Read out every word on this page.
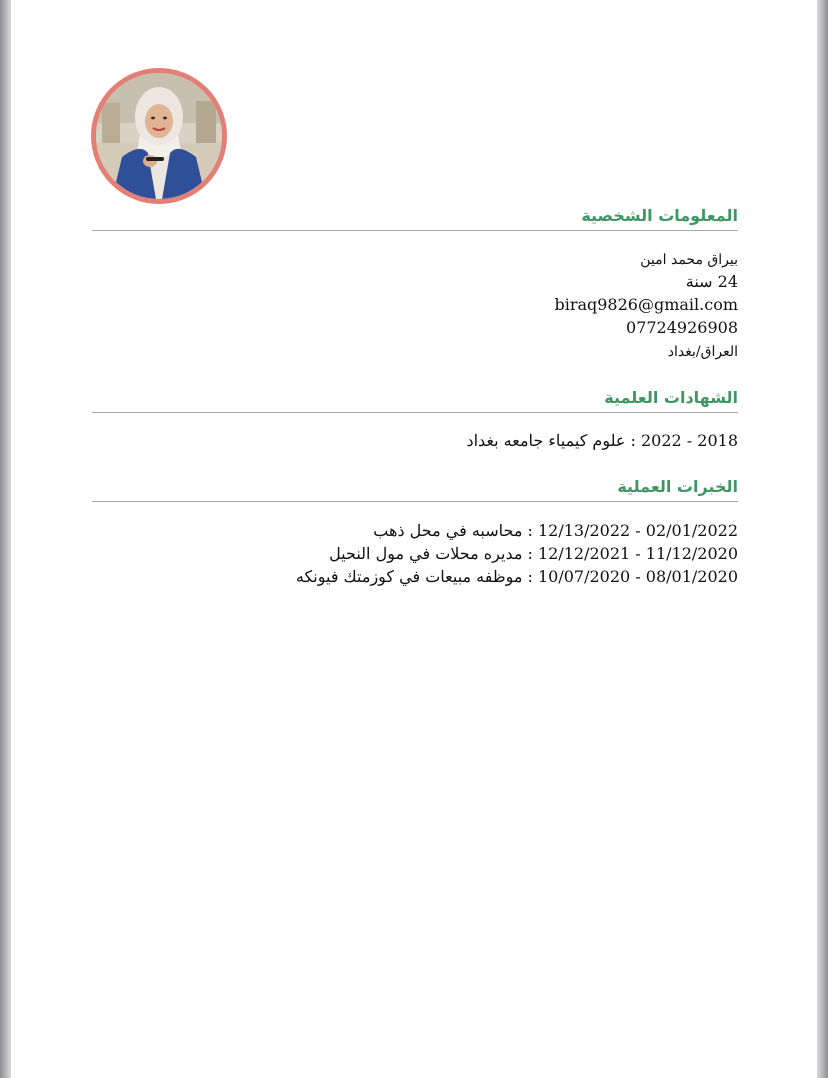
المعلومات الشخصية
بيراق محمد امين
24 سنة
biraq9826@gmail.com
07724926908
العراق/بغداد
الشهادات العلمية
2018 - 2022 : علوم كيمياء جامعه بغداد
الخبرات العملية
02/01/2022 - 12/13/2022 : محاسبه في محل ذهب
11/12/2020 - 12/12/2021 : مديره محلات في مول النحيل
08/01/2020 - 10/07/2020 : موظفه مبيعات في كوزمتك فيونكه
